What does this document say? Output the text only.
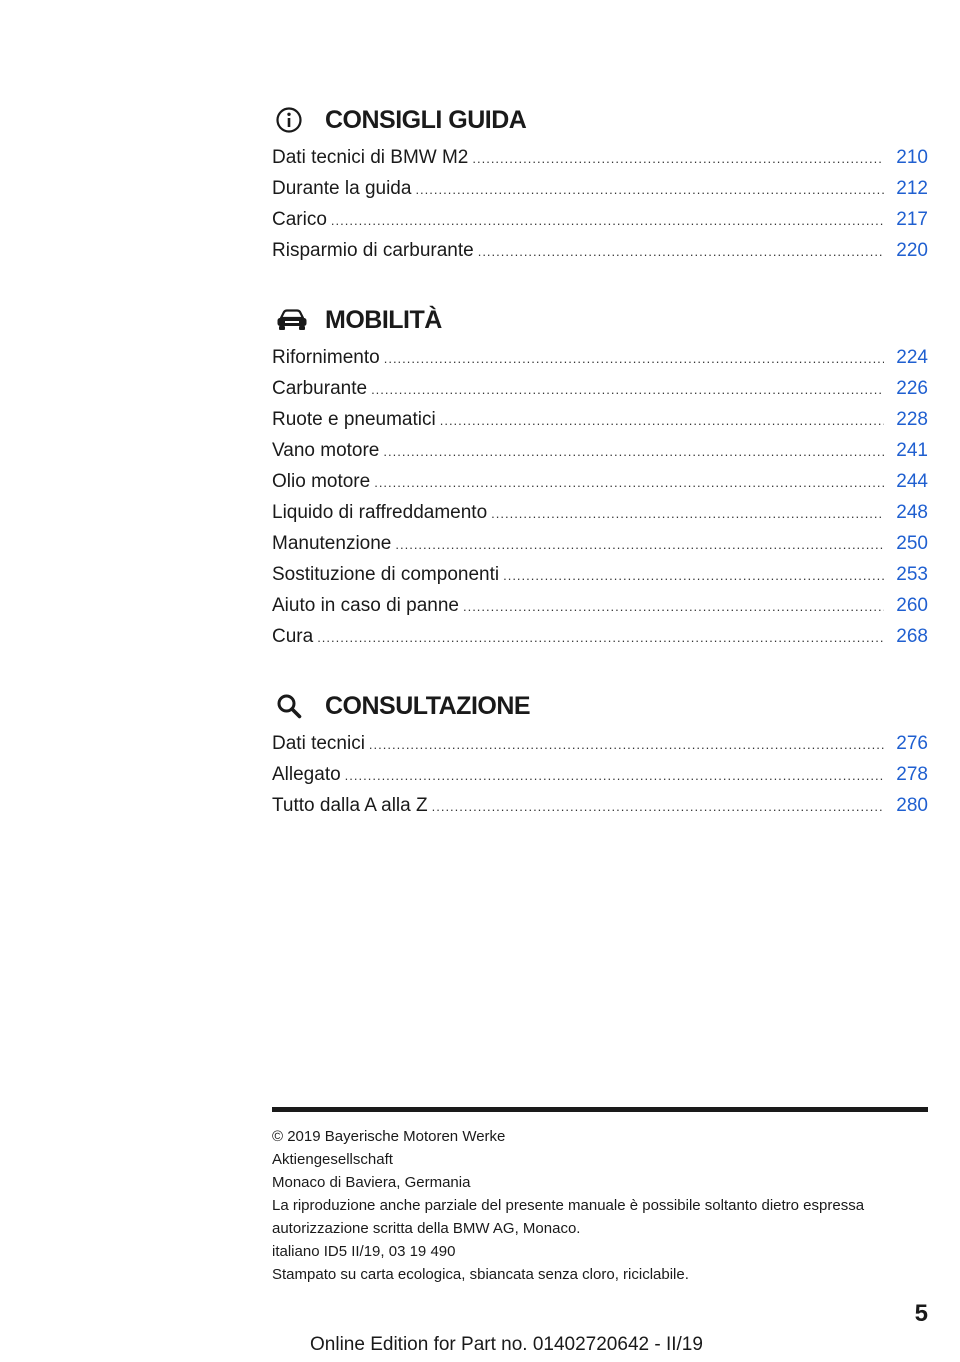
CONSIGLI GUIDA
Dati tecnici di BMW M2 .....	210
Durante la guida .....	212
Carico .....	217
Risparmio di carburante .....	220
MOBILITÀ
Rifornimento .....	224
Carburante .....	226
Ruote e pneumatici .....	228
Vano motore .....	241
Olio motore .....	244
Liquido di raffreddamento .....	248
Manutenzione .....	250
Sostituzione di componenti .....	253
Aiuto in caso di panne .....	260
Cura .....	268
CONSULTAZIONE
Dati tecnici .....	276
Allegato .....	278
Tutto dalla A alla Z .....	280
© 2019 Bayerische Motoren Werke
Aktiengesellschaft
Monaco di Baviera, Germania
La riproduzione anche parziale del presente manuale è possibile soltanto dietro espressa
autorizzazione scritta della BMW AG, Monaco.
italiano ID5 II/19, 03 19 490
Stampato su carta ecologica, sbiancata senza cloro, riciclabile.
5
Online Edition for Part no. 01402720642 - II/19
